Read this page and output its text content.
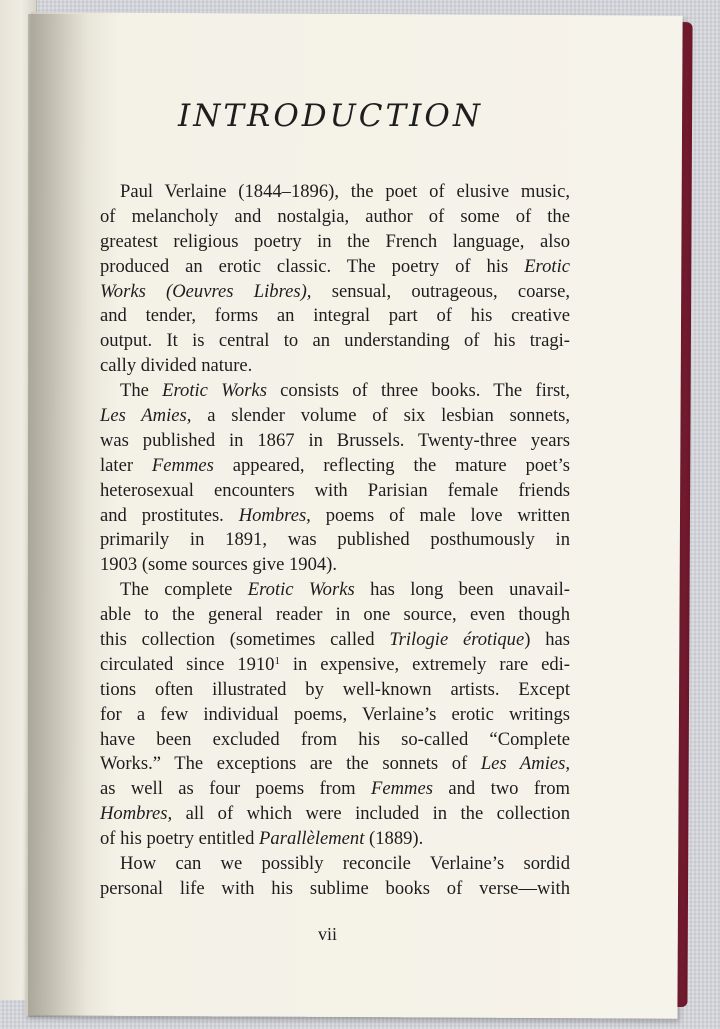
INTRODUCTION
Paul Verlaine (1844–1896), the poet of elusive music,
of melancholy and nostalgia, author of some of the
greatest religious poetry in the French language, also
produced an erotic classic. The poetry of his Erotic
Works (Oeuvres Libres), sensual, outrageous, coarse,
and tender, forms an integral part of his creative
output. It is central to an understanding of his tragi-
cally divided nature.
The Erotic Works consists of three books. The first,
Les Amies, a slender volume of six lesbian sonnets,
was published in 1867 in Brussels. Twenty-three years
later Femmes appeared, reflecting the mature poet’s
heterosexual encounters with Parisian female friends
and prostitutes. Hombres, poems of male love written
primarily in 1891, was published posthumously in
1903 (some sources give 1904).
The complete Erotic Works has long been unavail-
able to the general reader in one source, even though
this collection (sometimes called Trilogie érotique) has
circulated since 1910$^1$ in expensive, extremely rare edi-
tions often illustrated by well-known artists. Except
for a few individual poems, Verlaine’s erotic writings
have been excluded from his so-called “Complete
Works.” The exceptions are the sonnets of Les Amies,
as well as four poems from Femmes and two from
Hombres, all of which were included in the collection
of his poetry entitled Parallèlement (1889).
How can we possibly reconcile Verlaine’s sordid
personal life with his sublime books of verse—with
vii
